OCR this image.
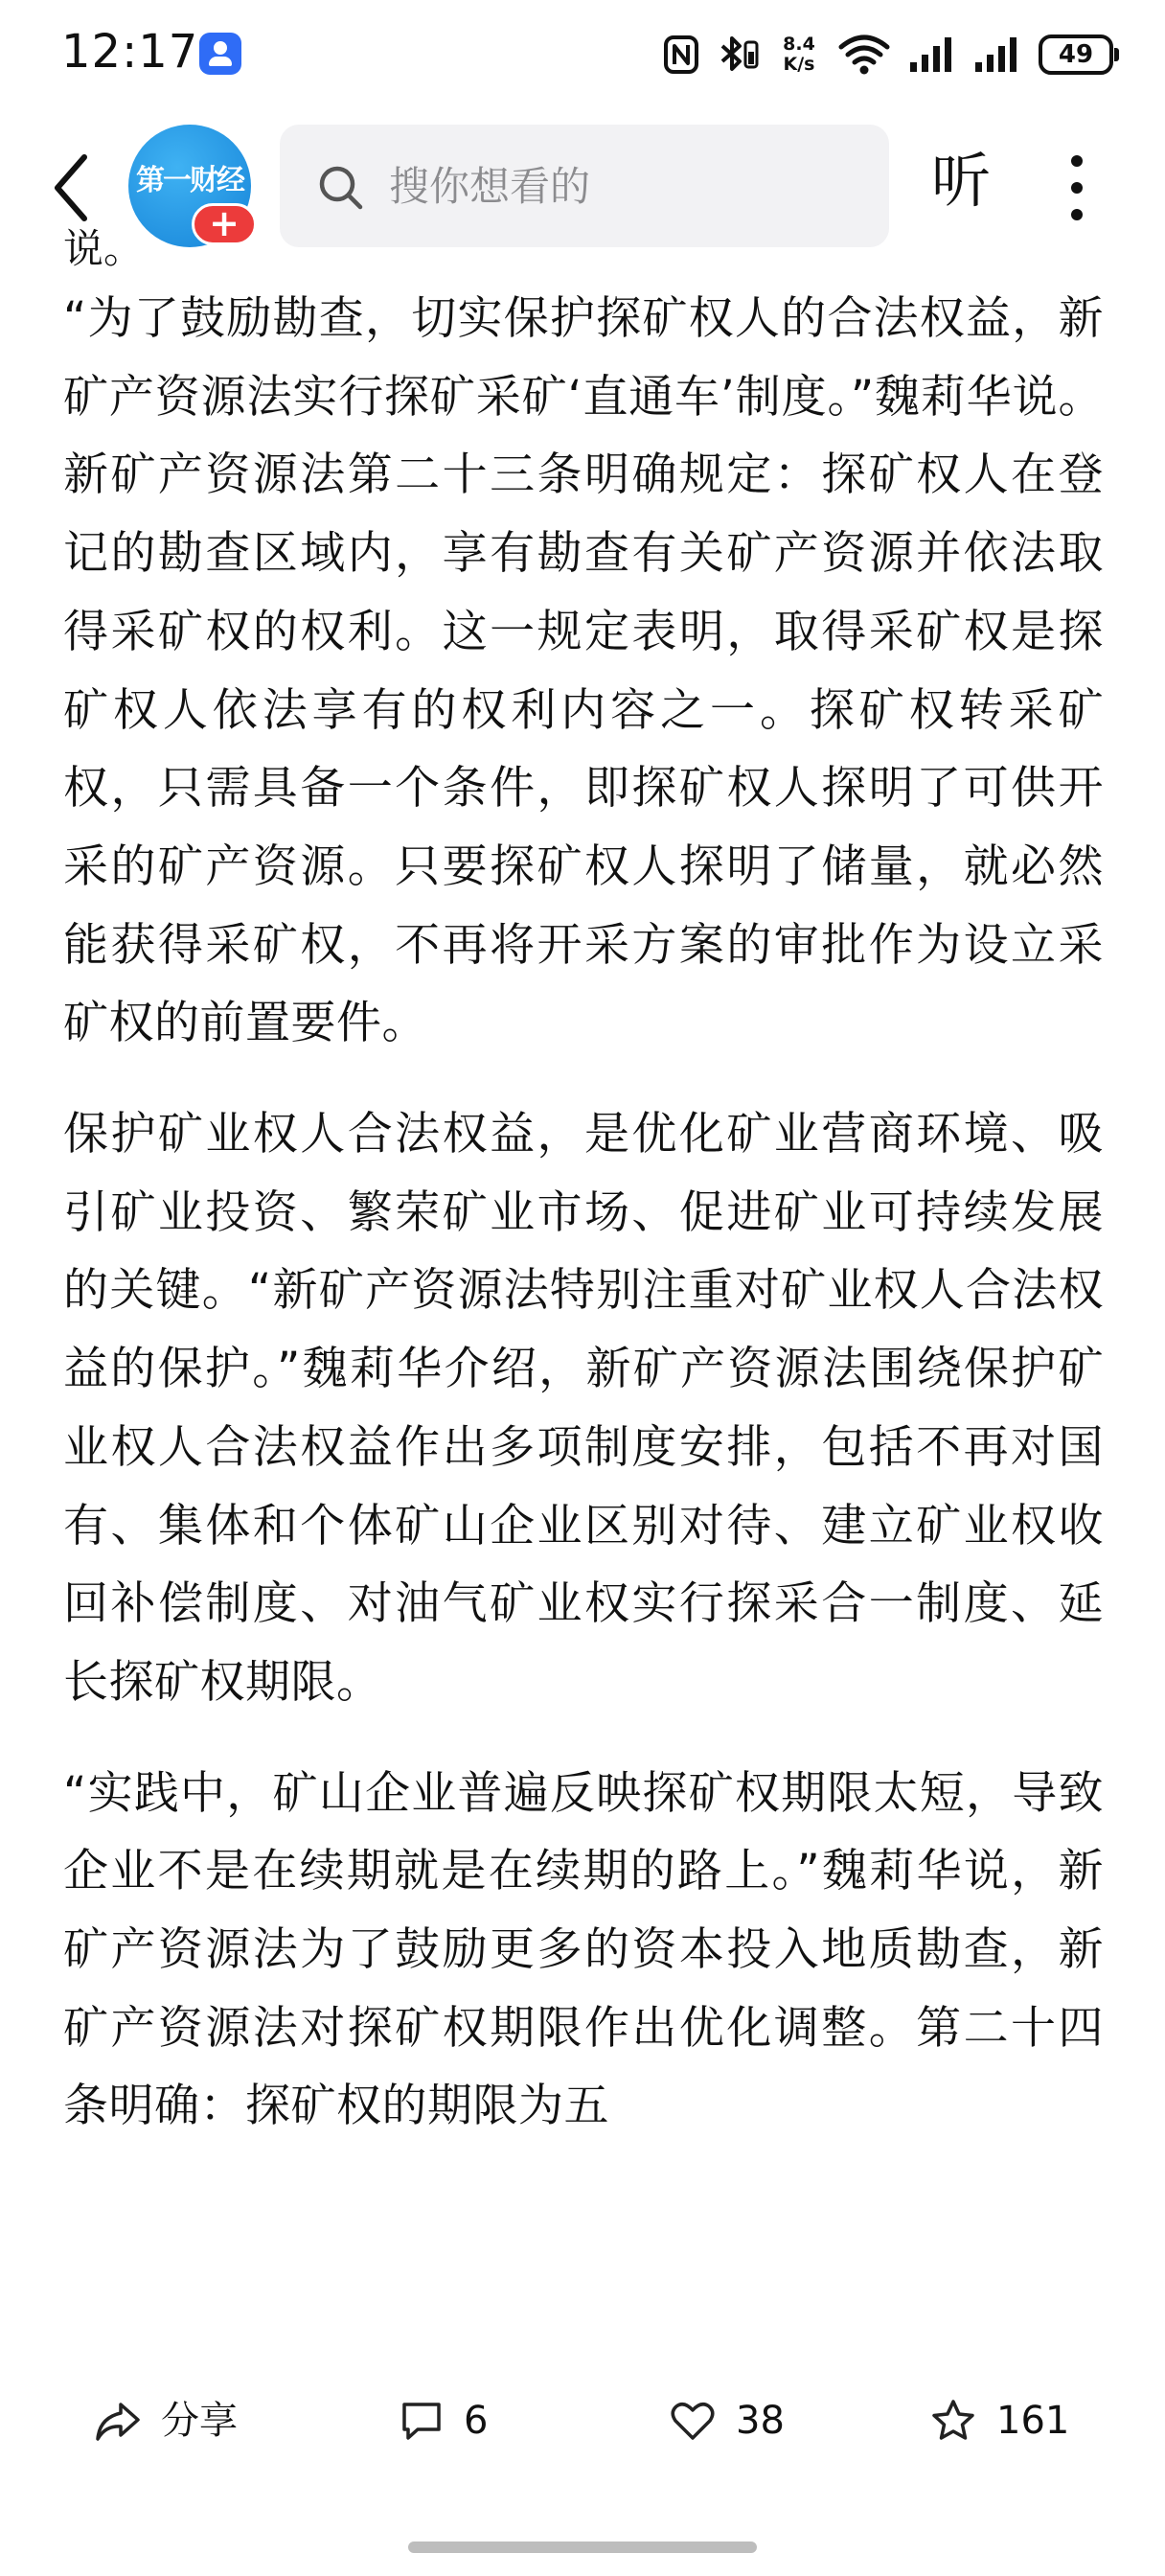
12:17	8.4
K/s	49
第一财经
+
搜你想看的	听
说。

“为了鼓励勘查，切实保护探矿权人的合法权益，新矿产资源法实行探矿采矿‘直通车’制度。”魏莉华说。新矿产资源法第二十三条明确规定：探矿权人在登记的勘查区域内，享有勘查有关矿产资源并依法取得采矿权的权利。这一规定表明，取得采矿权是探矿权人依法享有的权利内容之一。探矿权转采矿权，只需具备一个条件，即探矿权人探明了可供开采的矿产资源。只要探矿权人探明了储量，就必然能获得采矿权，不再将开采方案的审批作为设立采矿权的前置要件。

保护矿业权人合法权益，是优化矿业营商环境、吸引矿业投资、繁荣矿业市场、促进矿业可持续发展的关键。“新矿产资源法特别注重对矿业权人合法权益的保护。”魏莉华介绍，新矿产资源法围绕保护矿业权人合法权益作出多项制度安排，包括不再对国有、集体和个体矿山企业区别对待、建立矿业权收回补偿制度、对油气矿业权实行探采合一制度、延长探矿权期限。

“实践中，矿山企业普遍反映探矿权期限太短，导致企业不是在续期就是在续期的路上。”魏莉华说，新矿产资源法为了鼓励更多的资本投入地质勘查，新矿产资源法对探矿权期限作出优化调整。第二十四条明确：探矿权的期限为五

分享	6	38	161
